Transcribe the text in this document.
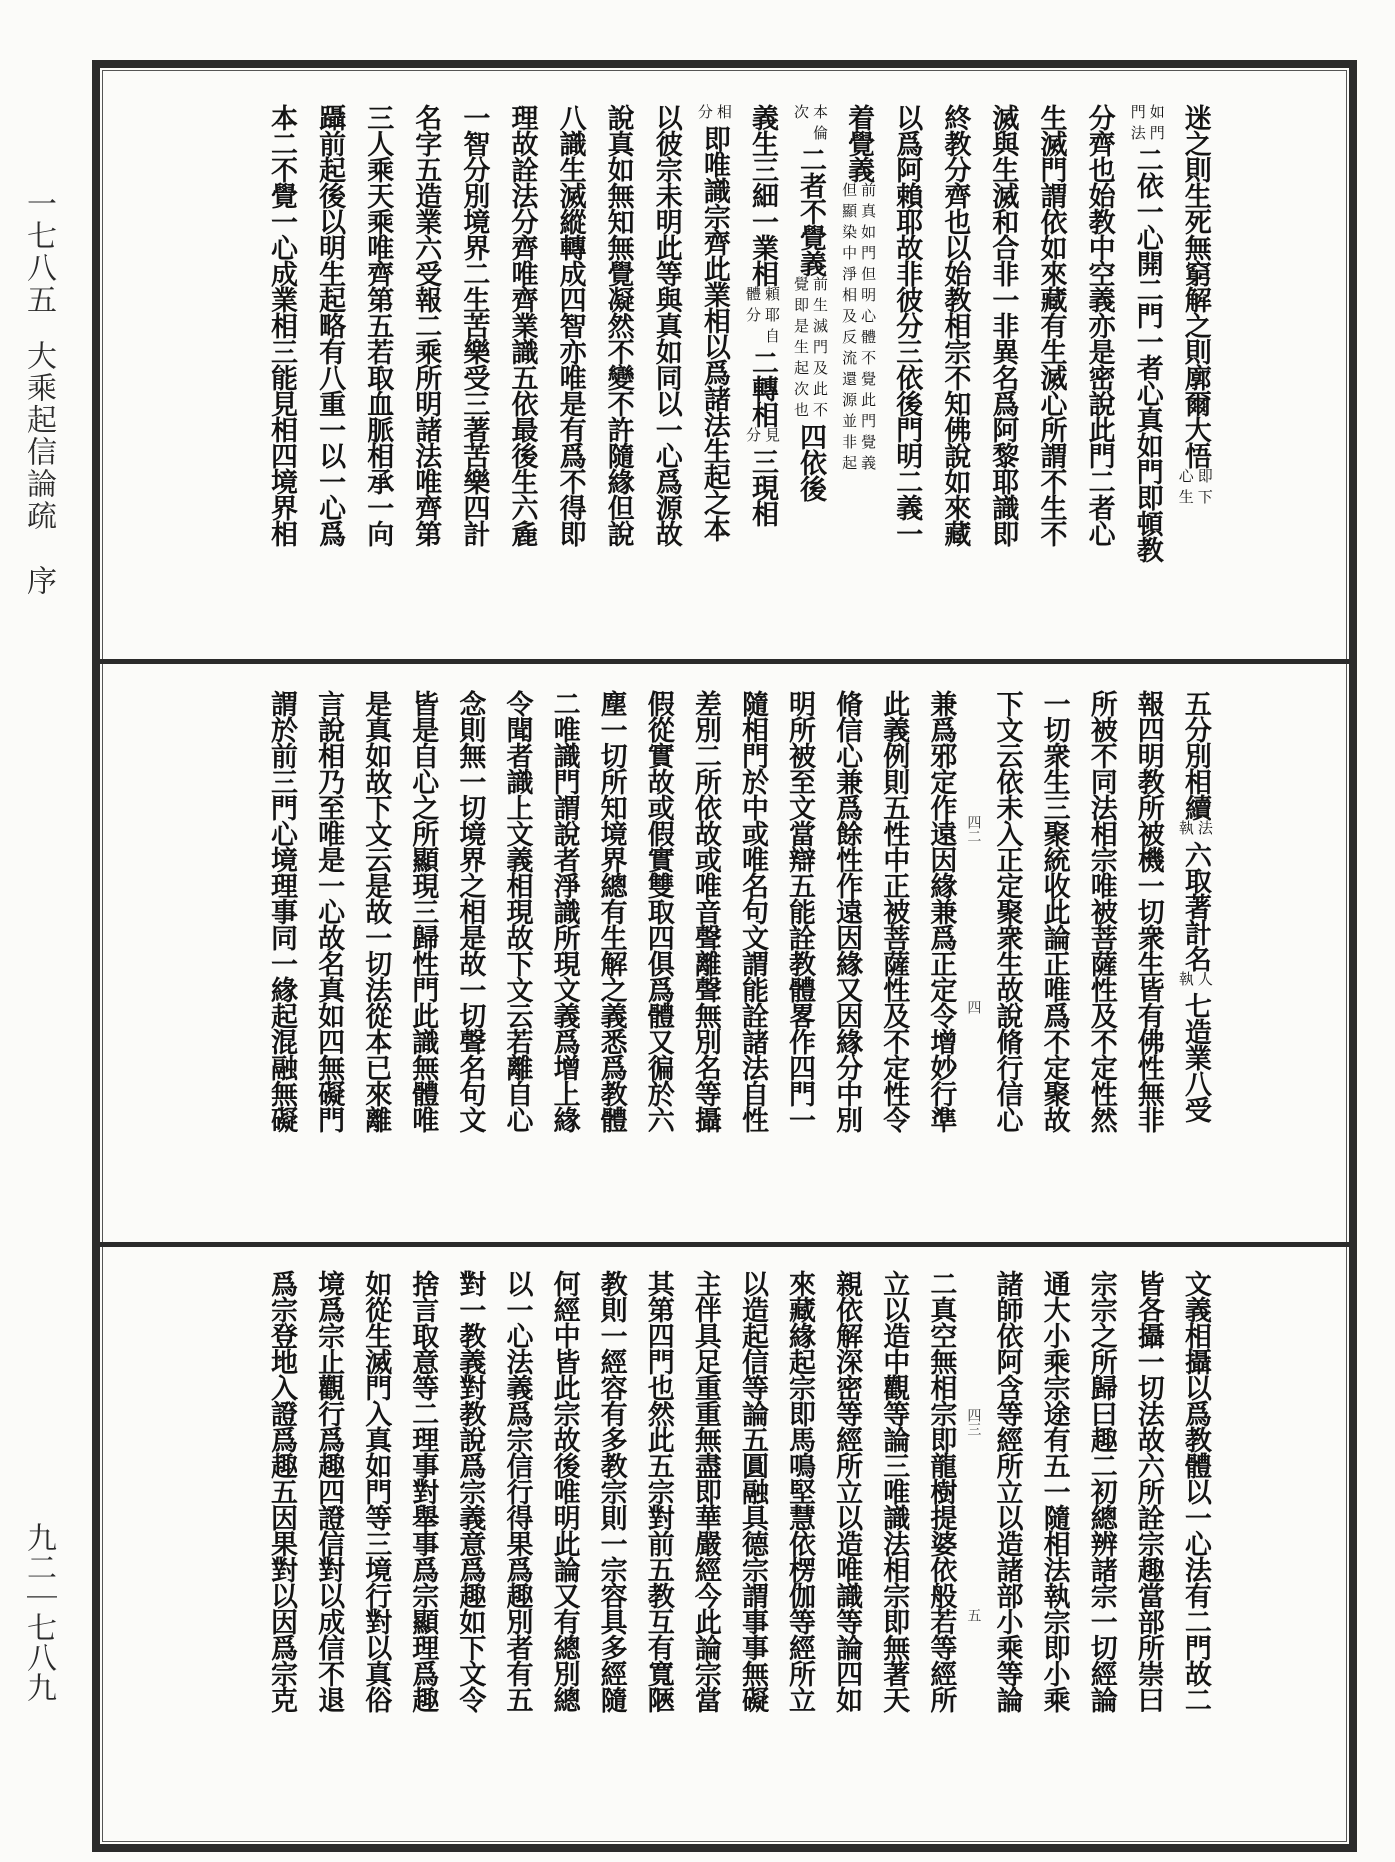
一七八五
大乘起信論疏
序
九二｜七八九
迷之則生死無窮解之則廓爾大悟
即下
心生
如門
門法
二依一心開二門一者心真如門即頓教
分齊也始教中空義亦是密說此門二者心
生滅門謂依如來藏有生滅心所謂不生不
滅與生滅和合非一非異名爲阿黎耶識即
終教分齊也以始教相宗不知佛說如來藏
以爲阿賴耶故非彼分三依後門明二義一
着覺義
前真如門但明心體不覺此門覺義
但顯染中淨相及反流還源並非起
本倫
次
二者不覺義
前生滅門及此不
覺即是生起次也
四依後
義生三細一業相
頼耶自
體分
二轉相
見
分
三現相
相
分
即唯識宗齊此業相以爲諸法生起之本
以彼宗未明此等與真如同以一心爲源故
說真如無知無覺凝然不變不許隨緣但說
八識生滅縱轉成四智亦唯是有爲不得即
理故詮法分齊唯齊業識五依最後生六麁
一智分別境界二生苦樂受三著苦樂四計
名字五造業六受報二乘所明諸法唯齊第
三人乘天乘唯齊第五若取血脈相承一向
躡前起後以明生起略有八重一以一心爲
本二不覺一心成業相三能見相四境界相
五分別相續
法
執
六取著計名
人
執
七造業八受
報四明教所被機一切衆生皆有佛性無非
所被不同法相宗唯被菩薩性及不定性然
一切衆生三聚統收此論正唯爲不定聚故
下文云依未入正定聚衆生故說脩行信心
四二
四
兼爲邪定作遠因緣兼爲正定令增妙行準
此義例則五性中正被菩薩性及不定性令
脩信心兼爲餘性作遠因緣又因緣分中別
明所被至文當辯五能詮教體畧作四門一
隨相門於中或唯名句文謂能詮諸法自性
差別二所依故或唯音聲離聲無別名等攝
假從實故或假實雙取四俱爲體又徧於六
塵一切所知境界總有生解之義悉爲教體
二唯識門謂說者淨識所現文義爲增上緣
令聞者識上文義相現故下文云若離自心
念則無一切境界之相是故一切聲名句文
皆是自心之所顯現三歸性門此識無體唯
是真如故下文云是故一切法從本已來離
言說相乃至唯是一心故名真如四無礙門
謂於前三門心境理事同一緣起混融無礙
文義相攝以爲教體以一心法有二門故二
皆各攝一切法故六所詮宗趣當部所崇曰
宗宗之所歸曰趣二初總辨諸宗一切經論
通大小乘宗途有五一隨相法執宗即小乘
諸師依阿含等經所立以造諸部小乘等論
四三
五
二真空無相宗即龍樹提婆依般若等經所
立以造中觀等論三唯識法相宗即無著天
親依解深密等經所立以造唯識等論四如
來藏緣起宗即馬鳴堅慧依楞伽等經所立
以造起信等論五圓融具德宗謂事事無礙
主伴具足重重無盡即華嚴經今此論宗當
其第四門也然此五宗對前五教互有寬陿
教則一經容有多教宗則一宗容具多經隨
何經中皆此宗故後唯明此論又有總別總
以一心法義爲宗信行得果爲趣別者有五
對一教義對教說爲宗義意爲趣如下文令
捨言取意等二理事對舉事爲宗顯理爲趣
如從生滅門入真如門等三境行對以真俗
境爲宗止觀行爲趣四證信對以成信不退
爲宗登地入證爲趣五因果對以因爲宗克
